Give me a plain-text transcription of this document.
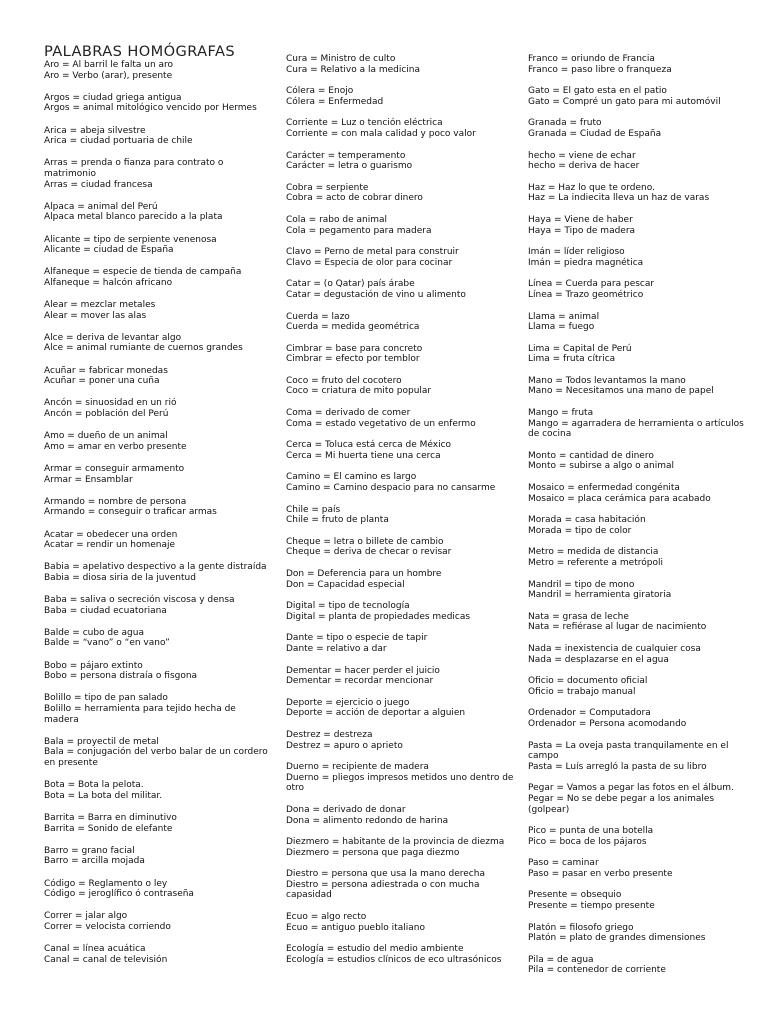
PALABRAS HOMÓGRAFAS
Aro = Al barril le falta un aro
Aro = Verbo (arar), presente
Argos = ciudad griega antigua
Argos = animal mitológico vencido por Hermes
Arica = abeja silvestre
Arica = ciudad portuaria de chile
Arras = prenda o fianza para contrato o matrimonio
Arras = ciudad francesa
Alpaca = animal del Perú
Alpaca metal blanco parecido a la plata
Alicante = tipo de serpiente venenosa
Alicante = ciudad de España
Alfaneque = especie de tienda de campaña
Alfaneque = halcón africano
Alear = mezclar metales
Alear = mover las alas
Alce = deriva de levantar algo
Alce = animal rumiante de cuernos grandes
Acuñar = fabricar monedas
Acuñar = poner una cuña
Ancón = sinuosidad en un rió
Ancón = población del Perú
Amo = dueño de un animal
Amo = amar en verbo presente
Armar = conseguir armamento
Armar = Ensamblar
Armando = nombre de persona
Armando = conseguir o traficar armas
Acatar = obedecer una orden
Acatar = rendir un homenaje
Babia = apelativo despectivo a la gente distraída
Babia = diosa siria de la juventud
Baba = saliva o secreción viscosa y densa
Baba = ciudad ecuatoriana
Balde = cubo de agua
Balde = “vano” o “en vano”
Bobo = pájaro extinto
Bobo = persona distraía o fisgona
Bolillo = tipo de pan salado
Bolillo = herramienta para tejido hecha de madera
Bala = proyectil de metal
Bala = conjugación del verbo balar de un cordero en presente
Bota = Bota la pelota.
Bota = La bota del militar.
Barrita = Barra en diminutivo
Barrita = Sonido de elefante
Barro = grano facial
Barro = arcilla mojada
Código = Reglamento o ley
Código = jeroglífico ó contraseña
Correr = jalar algo
Correr = velocista corriendo
Canal = línea acuática
Canal = canal de televisión
Cura = Ministro de culto
Cura = Relativo a la medicina
Cólera = Enojo
Cólera = Enfermedad
Corriente = Luz o tención eléctrica
Corriente = con mala calidad y poco valor
Carácter = temperamento
Carácter = letra o guarismo
Cobra = serpiente
Cobra = acto de cobrar dinero
Cola = rabo de animal
Cola = pegamento para madera
Clavo = Perno de metal para construir
Clavo = Especia de olor para cocinar
Catar = (o Qatar) país árabe
Catar = degustación de vino u alimento
Cuerda = lazo
Cuerda = medida geométrica
Cimbrar = base para concreto
Cimbrar = efecto por temblor
Coco = fruto del cocotero
Coco = criatura de mito popular
Coma = derivado de comer
Coma = estado vegetativo de un enfermo
Cerca = Toluca está cerca de México
Cerca = Mi huerta tiene una cerca
Camino = El camino es largo
Camino = Camino despacio para no cansarme
Chile = país
Chile = fruto de planta
Cheque = letra o billete de cambio
Cheque = deriva de checar o revisar
Don = Deferencia para un hombre
Don = Capacidad especial
Digital = tipo de tecnología
Digital = planta de propiedades medicas
Dante = tipo o especie de tapir
Dante = relativo a dar
Dementar = hacer perder el juicio
Dementar = recordar mencionar
Deporte = ejercicio o juego
Deporte = acción de deportar a alguien
Destrez = destreza
Destrez = apuro o aprieto
Duerno = recipiente de madera
Duerno = pliegos impresos metidos uno dentro de otro
Dona = derivado de donar
Dona = alimento redondo de harina
Diezmero = habitante de la provincia de diezma
Diezmero = persona que paga diezmo
Diestro = persona que usa la mano derecha
Diestro = persona adiestrada o con mucha capasidad
Ecuo = algo recto
Ecuo = antiguo pueblo italiano
Ecología = estudio del medio ambiente
Ecología = estudios clínicos de eco ultrasónicos
Franco = oriundo de Francia
Franco = paso libre o franqueza
Gato = El gato esta en el patio
Gato = Compré un gato para mi automóvil
Granada = fruto
Granada = Ciudad de España
hecho = viene de echar
hecho = deriva de hacer
Haz = Haz lo que te ordeno.
Haz = La indiecita lleva un haz de varas
Haya = Viene de haber
Haya = Tipo de madera
Imán = líder religioso
Imán = piedra magnética
Línea = Cuerda para pescar
Línea = Trazo geométrico
Llama = animal
Llama = fuego
Lima = Capital de Perú
Lima = fruta cítrica
Mano = Todos levantamos la mano
Mano = Necesitamos una mano de papel
Mango = fruta
Mango = agarradera de herramienta o artículos de cocina
Monto = cantidad de dinero
Monto = subirse a algo o animal
Mosaico = enfermedad congénita
Mosaico = placa cerámica para acabado
Morada = casa habitación
Morada = tipo de color
Metro = medida de distancia
Metro = referente a metrópoli
Mandril = tipo de mono
Mandril = herramienta giratoria
Nata = grasa de leche
Nata = refiérase al lugar de nacimiento
Nada = inexistencia de cualquier cosa
Nada = desplazarse en el agua
Oficio = documento oficial
Oficio = trabajo manual
Ordenador = Computadora
Ordenador = Persona acomodando
Pasta = La oveja pasta tranquilamente en el campo
Pasta = Luís arregló la pasta de su libro
Pegar = Vamos a pegar las fotos en el álbum.
Pegar = No se debe pegar a los animales (golpear)
Pico = punta de una botella
Pico = boca de los pájaros
Paso = caminar
Paso = pasar en verbo presente
Presente = obsequio
Presente = tiempo presente
Platón = filosofo griego
Platón = plato de grandes dimensiones
Pila = de agua
Pila = contenedor de corriente
